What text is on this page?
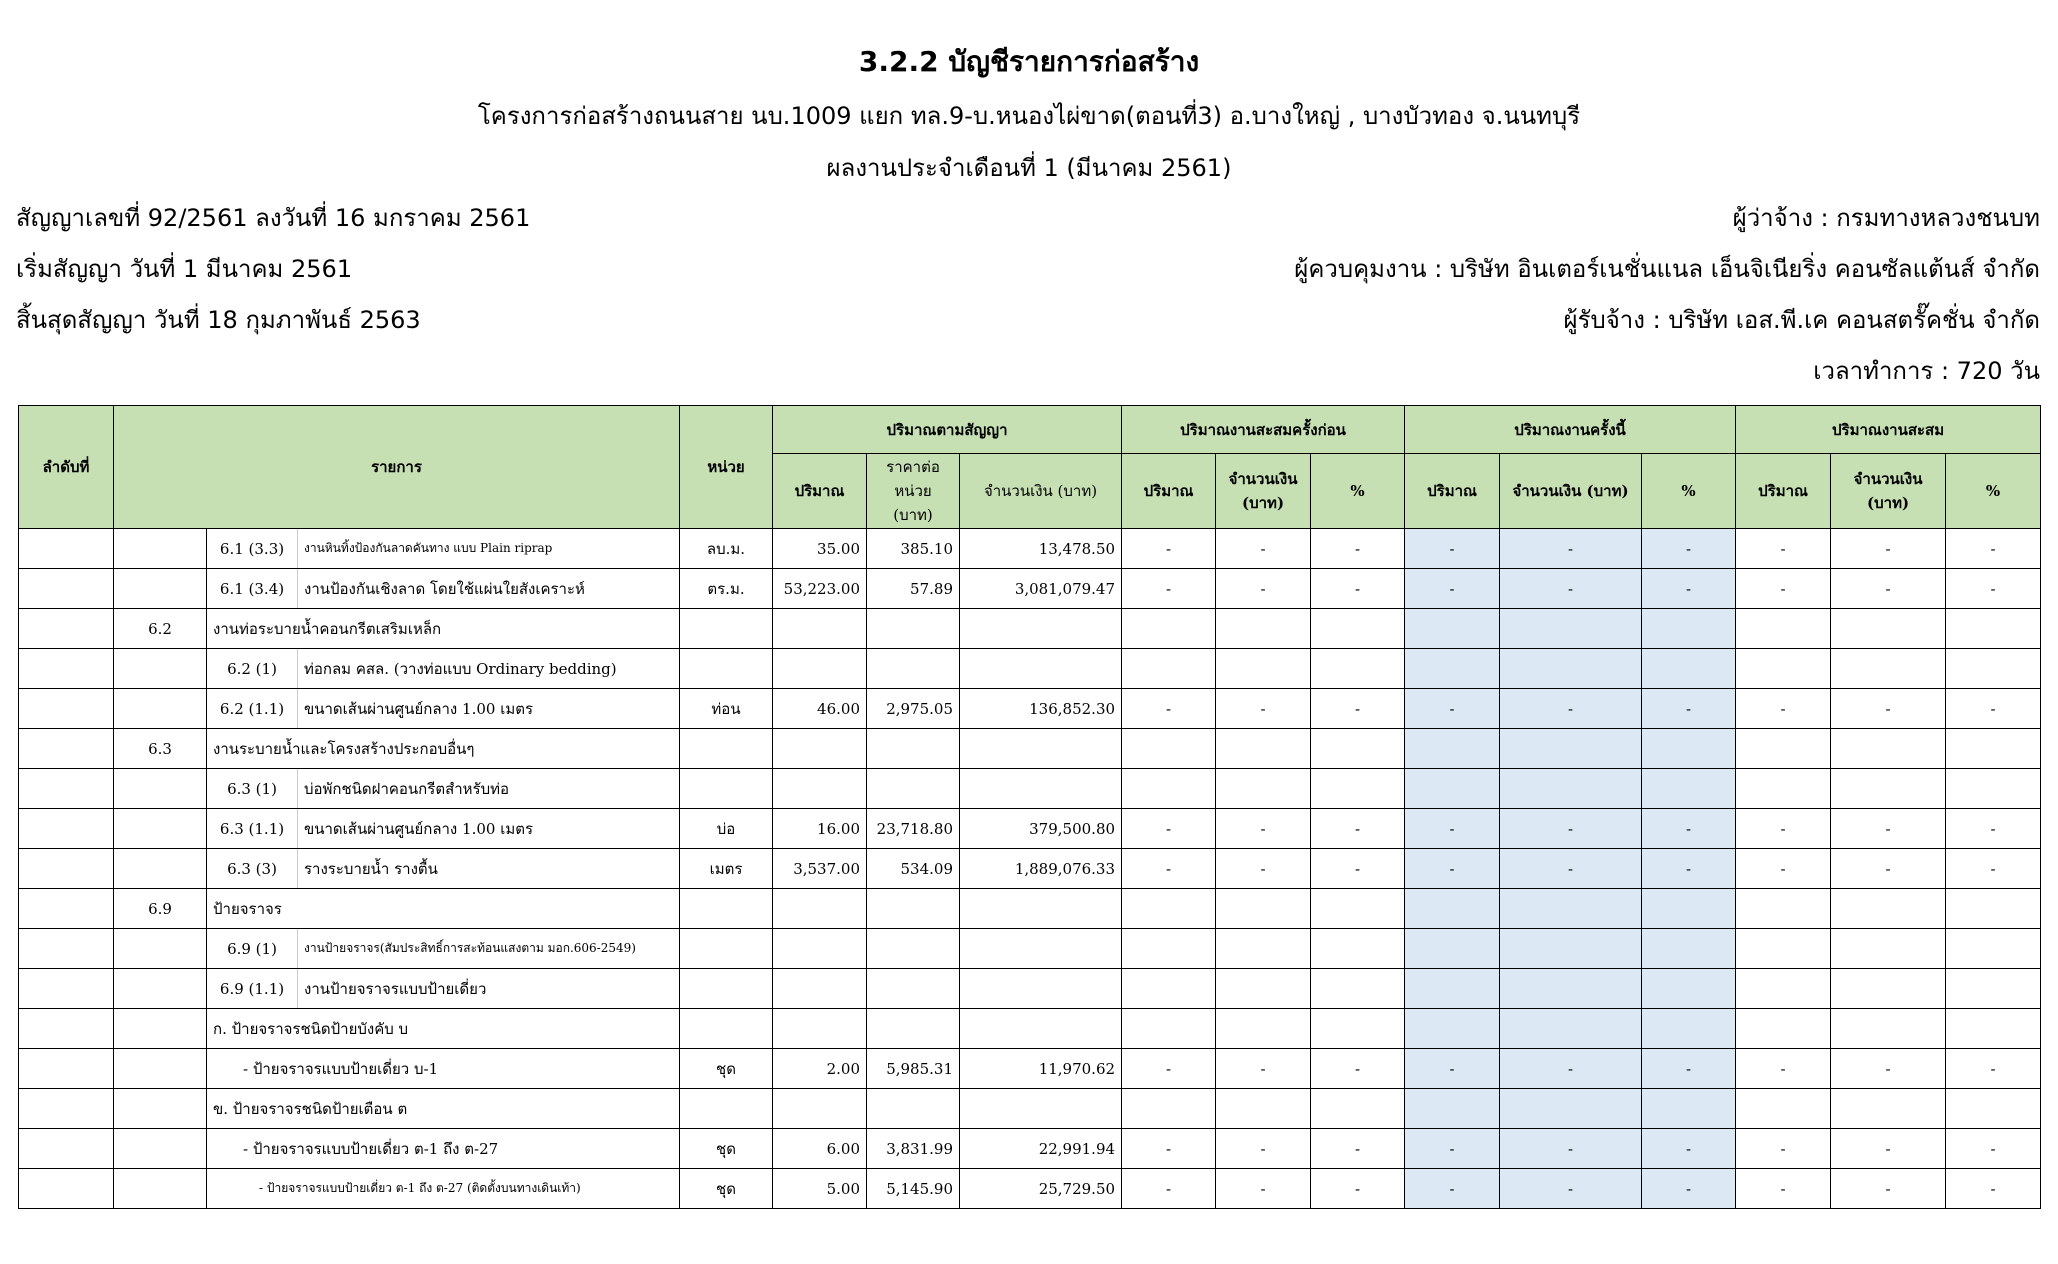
3.2.2 บัญชีรายการก่อสร้าง
โครงการก่อสร้างถนนสาย นบ.1009 แยก ทล.9-บ.หนองไผ่ขาด(ตอนที่3) อ.บางใหญ่ , บางบัวทอง จ.นนทบุรี
ผลงานประจำเดือนที่ 1 (มีนาคม 2561)
สัญญาเลขที่ 92/2561 ลงวันที่ 16 มกราคม 2561
เริ่มสัญญา วันที่ 1 มีนาคม 2561
สิ้นสุดสัญญา วันที่ 18 กุมภาพันธ์ 2563
ผู้ว่าจ้าง : กรมทางหลวงชนบท
ผู้ควบคุมงาน : บริษัท อินเตอร์เนชั่นแนล เอ็นจิเนียริ่ง คอนซัลแต้นส์ จำกัด
ผู้รับจ้าง : บริษัท เอส.พี.เค คอนสตรั๊คชั่น จำกัด
เวลาทำการ : 720 วัน
ลำดับที่	รายการ			หน่วย	ปริมาณตามสัญญา			ปริมาณงานสะสมครั้งก่อน			ปริมาณงานครั้งนี้			ปริมาณงานสะสม		
					ปริมาณ	ราคาต่อ หน่วย (บาท)	จำนวนเงิน (บาท)	ปริมาณ	จำนวนเงิน (บาท)	%	ปริมาณ	จำนวนเงิน (บาท)	%	ปริมาณ	จำนวนเงิน (บาท)	%
		6.1 (3.3)	งานหินทิ้งป้องกันลาดคันทาง แบบ Plain riprap	ลบ.ม.	35.00	385.10	13,478.50	-	-	-	-	-	-	-	-	-
		6.1 (3.4)	งานป้องกันเชิงลาด โดยใช้แผ่นใยสังเคราะห์	ตร.ม.	53,223.00	57.89	3,081,079.47	-	-	-	-	-	-	-	-	-
	6.2	งานท่อระบายน้ำคอนกรีตเสริมเหล็ก														
		6.2 (1)	ท่อกลม คสล. (วางท่อแบบ Ordinary bedding)													
		6.2 (1.1)	ขนาดเส้นผ่านศูนย์กลาง 1.00 เมตร	ท่อน	46.00	2,975.05	136,852.30	-	-	-	-	-	-	-	-	-
	6.3	งานระบายน้ำและโครงสร้างประกอบอื่นๆ														
		6.3 (1)	บ่อพักชนิดฝาคอนกรีตสำหรับท่อ													
		6.3 (1.1)	ขนาดเส้นผ่านศูนย์กลาง 1.00 เมตร	บ่อ	16.00	23,718.80	379,500.80	-	-	-	-	-	-	-	-	-
		6.3 (3)	รางระบายน้ำ รางตื้น	เมตร	3,537.00	534.09	1,889,076.33	-	-	-	-	-	-	-	-	-
	6.9	ป้ายจราจร														
		6.9 (1)	งานป้ายจราจร(สัมประสิทธิ์การสะท้อนแสงตาม มอก.606-2549)													
		6.9 (1.1)	งานป้ายจราจรแบบป้ายเดี่ยว													
		ก. ป้ายจราจรชนิดป้ายบังคับ บ														
		- ป้ายจราจรแบบป้ายเดี่ยว บ-1		ชุด	2.00	5,985.31	11,970.62	-	-	-	-	-	-	-	-	-
		ข. ป้ายจราจรชนิดป้ายเตือน ต														
		- ป้ายจราจรแบบป้ายเดี่ยว ต-1 ถึง ต-27		ชุด	6.00	3,831.99	22,991.94	-	-	-	-	-	-	-	-	-
		- ป้ายจราจรแบบป้ายเดี่ยว ต-1 ถึง ต-27 (ติดตั้งบนทางเดินเท้า)		ชุด	5.00	5,145.90	25,729.50	-	-	-	-	-	-	-	-	-
